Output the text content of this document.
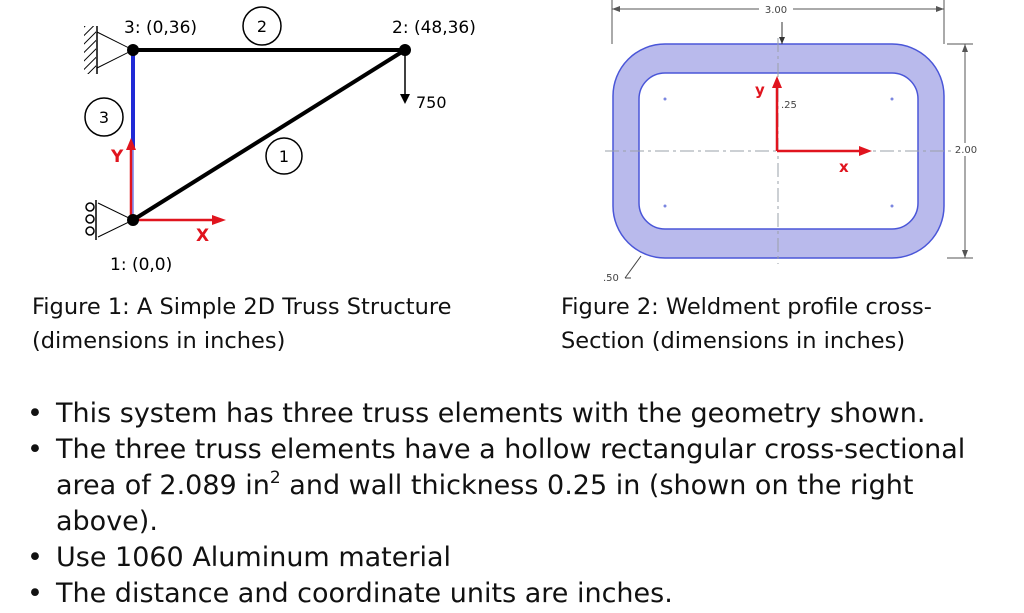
2
1
3
3: (0,36)	2: (48,36)
1: (0,0)
750
Y
X
3.00
2.00
y
x
.25
.50
Figure 1: A Simple 2D Truss Structure
(dimensions in inches)
Figure 2: Weldment profile cross-
Section (dimensions in inches)
• This system has three truss elements with the geometry shown.
• The three truss elements have a hollow rectangular cross-sectional
area of 2.089 $in^2$ and wall thickness 0.25 in (shown on the right
above).
• Use 1060 Aluminum material
• The distance and coordinate units are inches.
